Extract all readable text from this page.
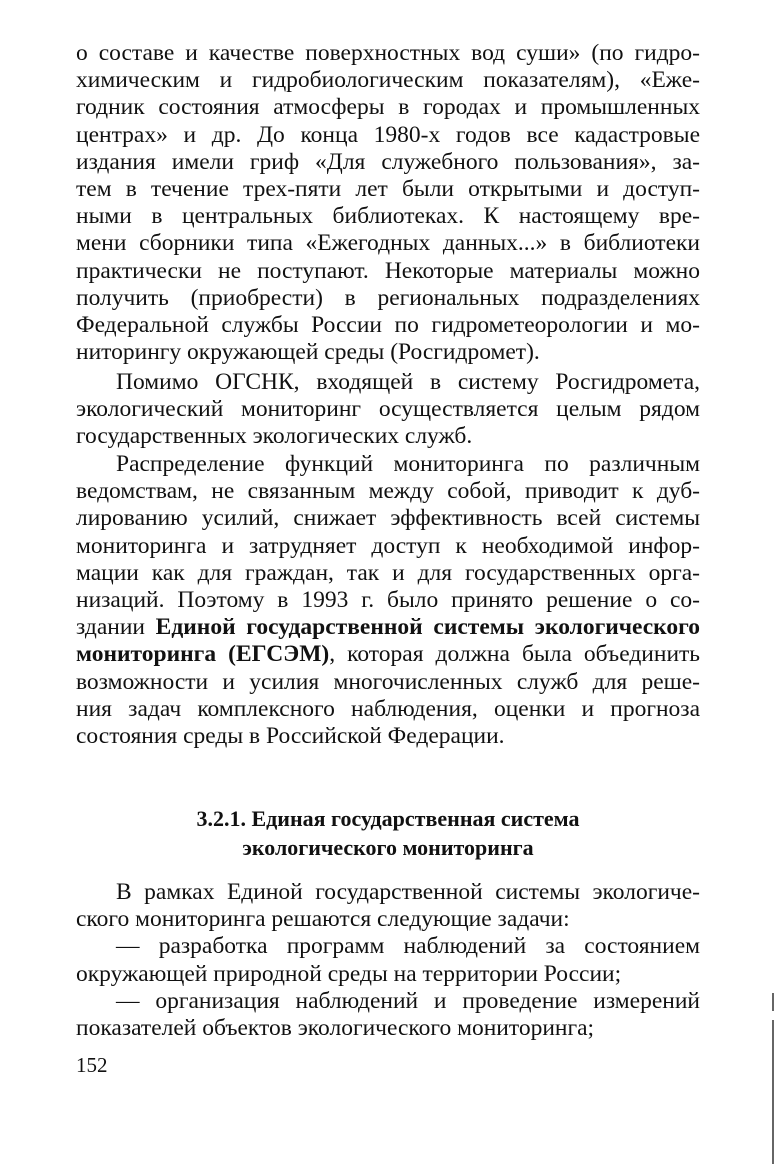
о составе и качестве поверхностных вод суши» (по гидро-
химическим и гидробиологическим показателям), «Еже-
годник состояния атмосферы в городах и промышленных
центрах» и др. До конца 1980-х годов все кадастровые
издания имели гриф «Для служебного пользования», за-
тем в течение трех-пяти лет были открытыми и доступ-
ными в центральных библиотеках. К настоящему вре-
мени сборники типа «Ежегодных данных...» в библиотеки
практически не поступают. Некоторые материалы можно
получить (приобрести) в региональных подразделениях
Федеральной службы России по гидрометеорологии и мо-
ниторингу окружающей среды (Росгидромет).
Помимо ОГСНК, входящей в систему Росгидромета,
экологический мониторинг осуществляется целым рядом
государственных экологических служб.
Распределение функций мониторинга по различным
ведомствам, не связанным между собой, приводит к дуб-
лированию усилий, снижает эффективность всей системы
мониторинга и затрудняет доступ к необходимой инфор-
мации как для граждан, так и для государственных орга-
низаций. Поэтому в 1993 г. было принято решение о со-
здании Единой государственной системы экологического
мониторинга (ЕГСЭМ), которая должна была объединить
возможности и усилия многочисленных служб для реше-
ния задач комплексного наблюдения, оценки и прогноза
состояния среды в Российской Федерации.
3.2.1. Единая государственная система
экологического мониторинга
В рамках Единой государственной системы экологиче-
ского мониторинга решаются следующие задачи:
— разработка программ наблюдений за состоянием
окружающей природной среды на территории России;
— организация наблюдений и проведение измерений
показателей объектов экологического мониторинга;
152
